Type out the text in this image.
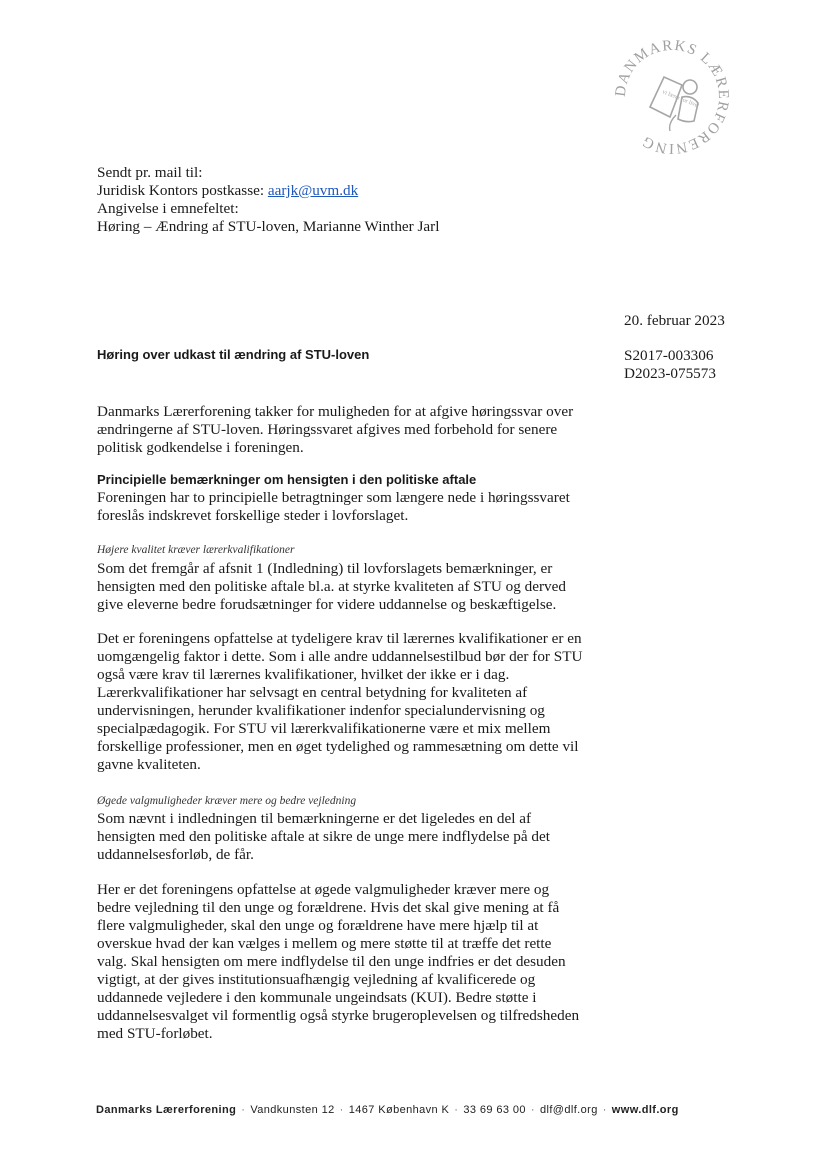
DANMARKS LÆRERFORENING
vi lærer for livet
Sendt pr. mail til:
Juridisk Kontors postkasse: aarjk@uvm.dk
Angivelse i emnefeltet:
Høring – Ændring af STU-loven, Marianne Winther Jarl
20. februar 2023
S2017-003306
D2023-075573
Høring over udkast til ændring af STU-loven
Danmarks Lærerforening takker for muligheden for at afgive høringssvar over
ændringerne af STU-loven. Høringssvaret afgives med forbehold for senere
politisk godkendelse i foreningen.
Principielle bemærkninger om hensigten i den politiske aftale
Foreningen har to principielle betragtninger som længere nede i høringssvaret
foreslås indskrevet forskellige steder i lovforslaget.
Højere kvalitet kræver lærerkvalifikationer
Som det fremgår af afsnit 1 (Indledning) til lovforslagets bemærkninger, er
hensigten med den politiske aftale bl.a. at styrke kvaliteten af STU og derved
give eleverne bedre forudsætninger for videre uddannelse og beskæftigelse.
Det er foreningens opfattelse at tydeligere krav til lærernes kvalifikationer er en
uomgængelig faktor i dette. Som i alle andre uddannelsestilbud bør der for STU
også være krav til lærernes kvalifikationer, hvilket der ikke er i dag.
Lærerkvalifikationer har selvsagt en central betydning for kvaliteten af
undervisningen, herunder kvalifikationer indenfor specialundervisning og
specialpædagogik. For STU vil lærerkvalifikationerne være et mix mellem
forskellige professioner, men en øget tydelighed og rammesætning om dette vil
gavne kvaliteten.
Øgede valgmuligheder kræver mere og bedre vejledning
Som nævnt i indledningen til bemærkningerne er det ligeledes en del af
hensigten med den politiske aftale at sikre de unge mere indflydelse på det
uddannelsesforløb, de får.
Her er det foreningens opfattelse at øgede valgmuligheder kræver mere og
bedre vejledning til den unge og forældrene. Hvis det skal give mening at få
flere valgmuligheder, skal den unge og forældrene have mere hjælp til at
overskue hvad der kan vælges i mellem og mere støtte til at træffe det rette
valg. Skal hensigten om mere indflydelse til den unge indfries er det desuden
vigtigt, at der gives institutionsuafhængig vejledning af kvalificerede og
uddannede vejledere i den kommunale ungeindsats (KUI). Bedre støtte i
uddannelsesvalget vil formentlig også styrke brugeroplevelsen og tilfredsheden
med STU-forløbet.
Danmarks Lærerforening · Vandkunsten 12 · 1467 København K · 33 69 63 00 · dlf@dlf.org · www.dlf.org
